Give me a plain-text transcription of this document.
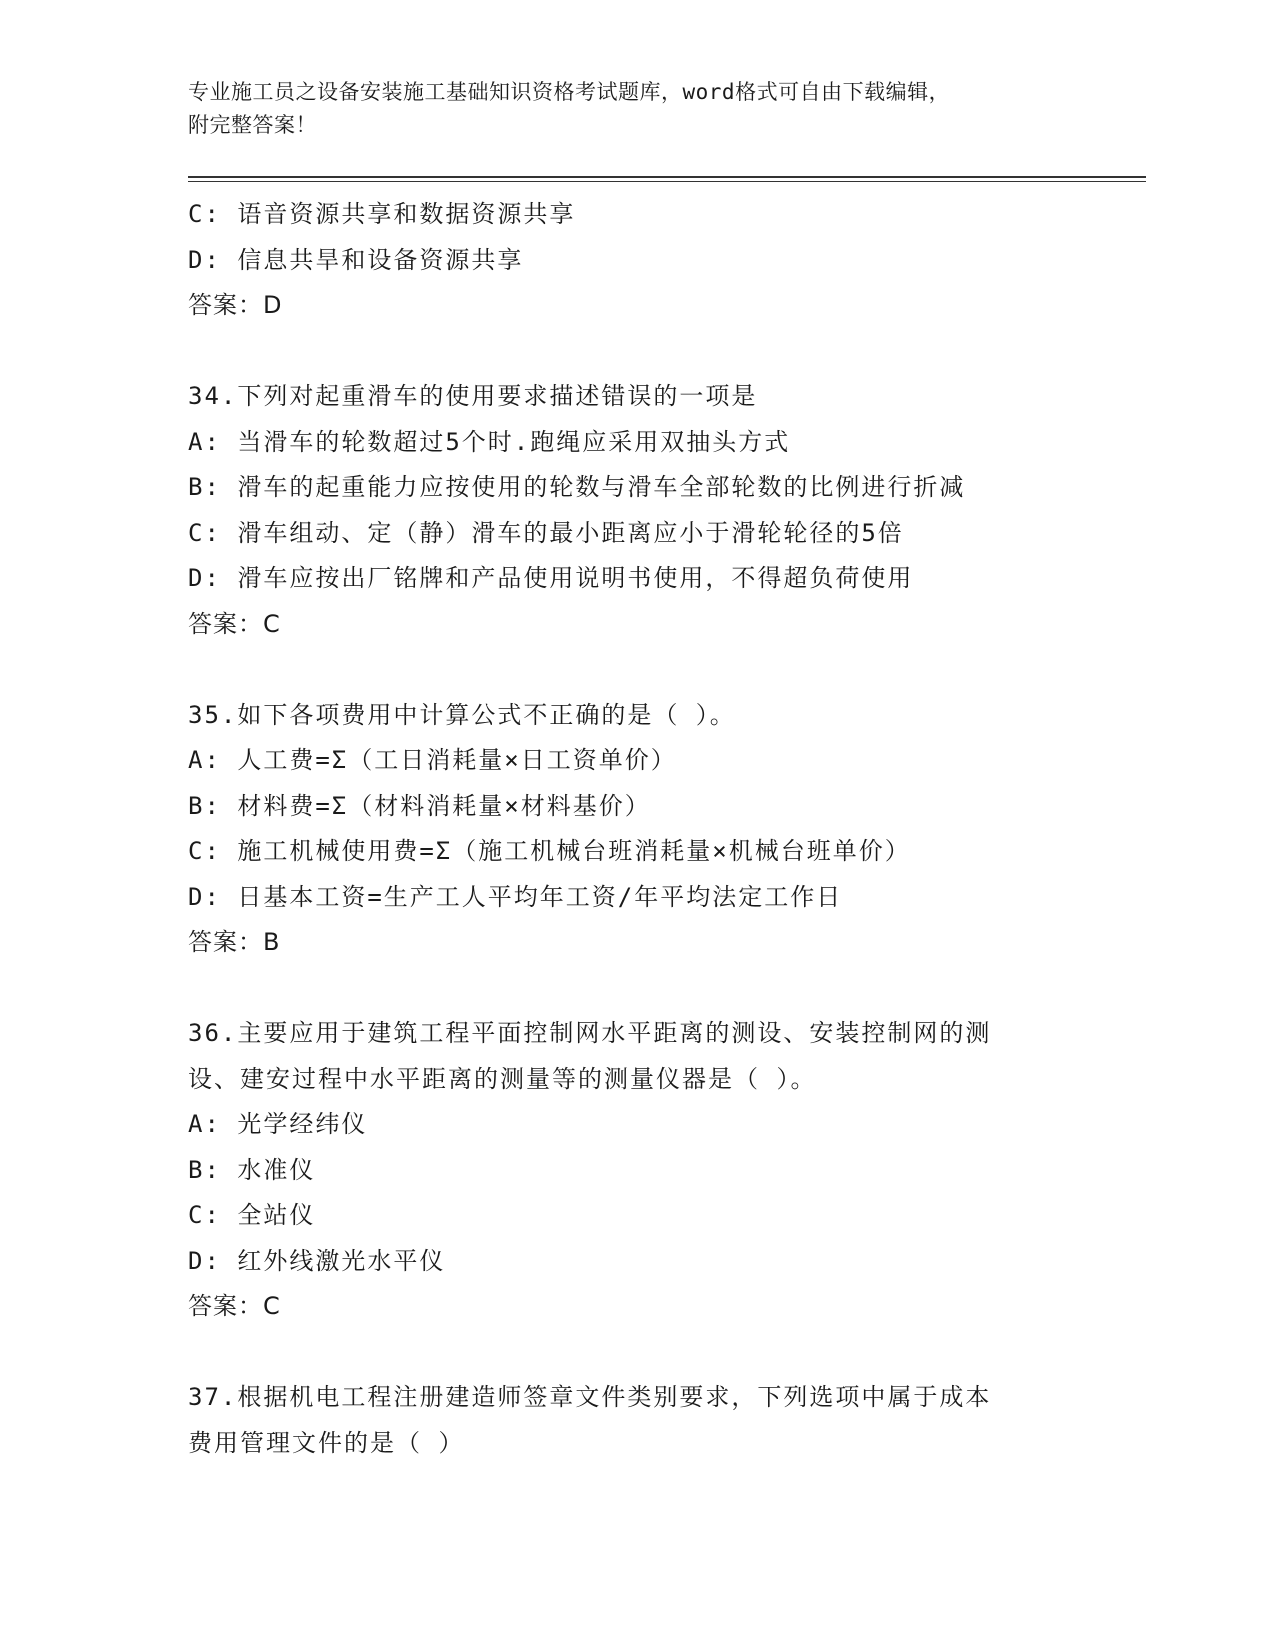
专业施工员之设备安装施工基础知识资格考试题库，word格式可自由下载编辑，
附完整答案！
C: 语音资源共享和数据资源共享
D: 信息共旱和设备资源共享
答案：D
34.下列对起重滑车的使用要求描述错误的一项是
A: 当滑车的轮数超过5个时.跑绳应采用双抽头方式
B: 滑车的起重能力应按使用的轮数与滑车全部轮数的比例进行折减
C: 滑车组动、定（静）滑车的最小距离应小于滑轮轮径的5倍
D: 滑车应按出厂铭牌和产品使用说明书使用，不得超负荷使用
答案：C
35.如下各项费用中计算公式不正确的是（ ）。
A: 人工费=Σ（工日消耗量×日工资单价）
B: 材料费=Σ（材料消耗量×材料基价）
C: 施工机械使用费=Σ（施工机械台班消耗量×机械台班单价）
D: 日基本工资=生产工人平均年工资/年平均法定工作日
答案：B
36.主要应用于建筑工程平面控制网水平距离的测设、安装控制网的测
设、建安过程中水平距离的测量等的测量仪器是（ ）。
A: 光学经纬仪
B: 水准仪
C: 全站仪
D: 红外线激光水平仪
答案：C
37.根据机电工程注册建造师签章文件类别要求，下列选项中属于成本
费用管理文件的是（ ）
